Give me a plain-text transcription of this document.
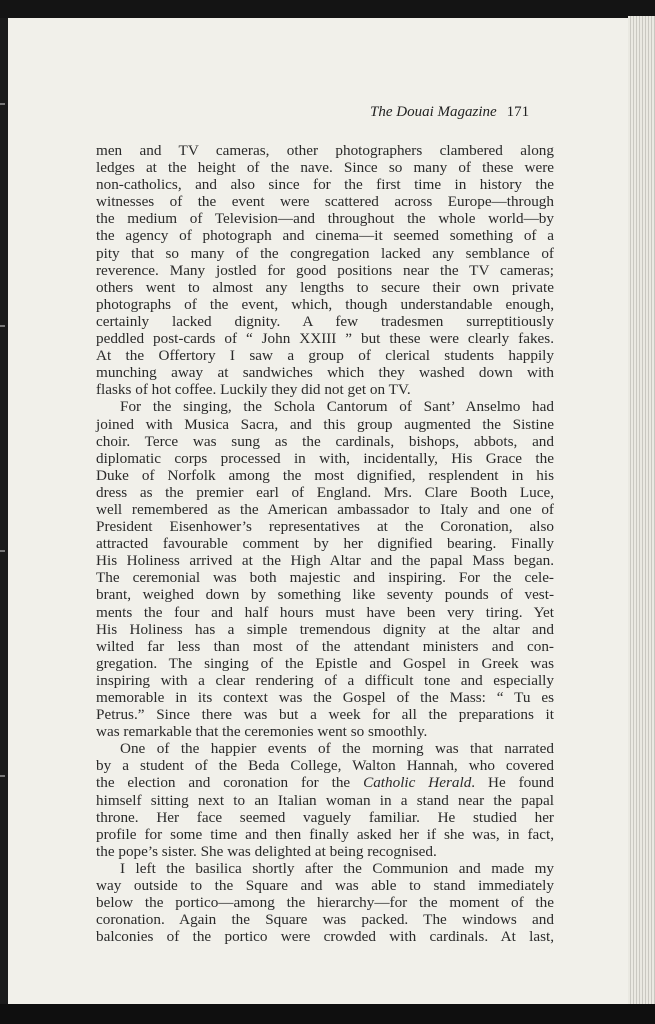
The Douai Magazine 171
men and TV cameras, other photographers clambered along
ledges at the height of the nave. Since so many of these were
non-catholics, and also since for the first time in history the
witnesses of the event were scattered across Europe—through
the medium of Television—and throughout the whole world—by
the agency of photograph and cinema—it seemed something of a
pity that so many of the congregation lacked any semblance of
reverence. Many jostled for good positions near the TV cameras;
others went to almost any lengths to secure their own private
photographs of the event, which, though understandable enough,
certainly lacked dignity. A few tradesmen surreptitiously
peddled post-cards of “ John XXIII ” but these were clearly fakes.
At the Offertory I saw a group of clerical students happily
munching away at sandwiches which they washed down with
flasks of hot coffee. Luckily they did not get on TV.
For the singing, the Schola Cantorum of Sant’ Anselmo had
joined with Musica Sacra, and this group augmented the Sistine
choir. Terce was sung as the cardinals, bishops, abbots, and
diplomatic corps processed in with, incidentally, His Grace the
Duke of Norfolk among the most dignified, resplendent in his
dress as the premier earl of England. Mrs. Clare Booth Luce,
well remembered as the American ambassador to Italy and one of
President Eisenhower’s representatives at the Coronation, also
attracted favourable comment by her dignified bearing. Finally
His Holiness arrived at the High Altar and the papal Mass began.
The ceremonial was both majestic and inspiring. For the cele-
brant, weighed down by something like seventy pounds of vest-
ments the four and half hours must have been very tiring. Yet
His Holiness has a simple tremendous dignity at the altar and
wilted far less than most of the attendant ministers and con-
gregation. The singing of the Epistle and Gospel in Greek was
inspiring with a clear rendering of a difficult tone and especially
memorable in its context was the Gospel of the Mass: “ Tu es
Petrus.” Since there was but a week for all the preparations it
was remarkable that the ceremonies went so smoothly.
One of the happier events of the morning was that narrated
by a student of the Beda College, Walton Hannah, who covered
the election and coronation for the Catholic Herald. He found
himself sitting next to an Italian woman in a stand near the papal
throne. Her face seemed vaguely familiar. He studied her
profile for some time and then finally asked her if she was, in fact,
the pope’s sister. She was delighted at being recognised.
I left the basilica shortly after the Communion and made my
way outside to the Square and was able to stand immediately
below the portico—among the hierarchy—for the moment of the
coronation. Again the Square was packed. The windows and
balconies of the portico were crowded with cardinals. At last,
